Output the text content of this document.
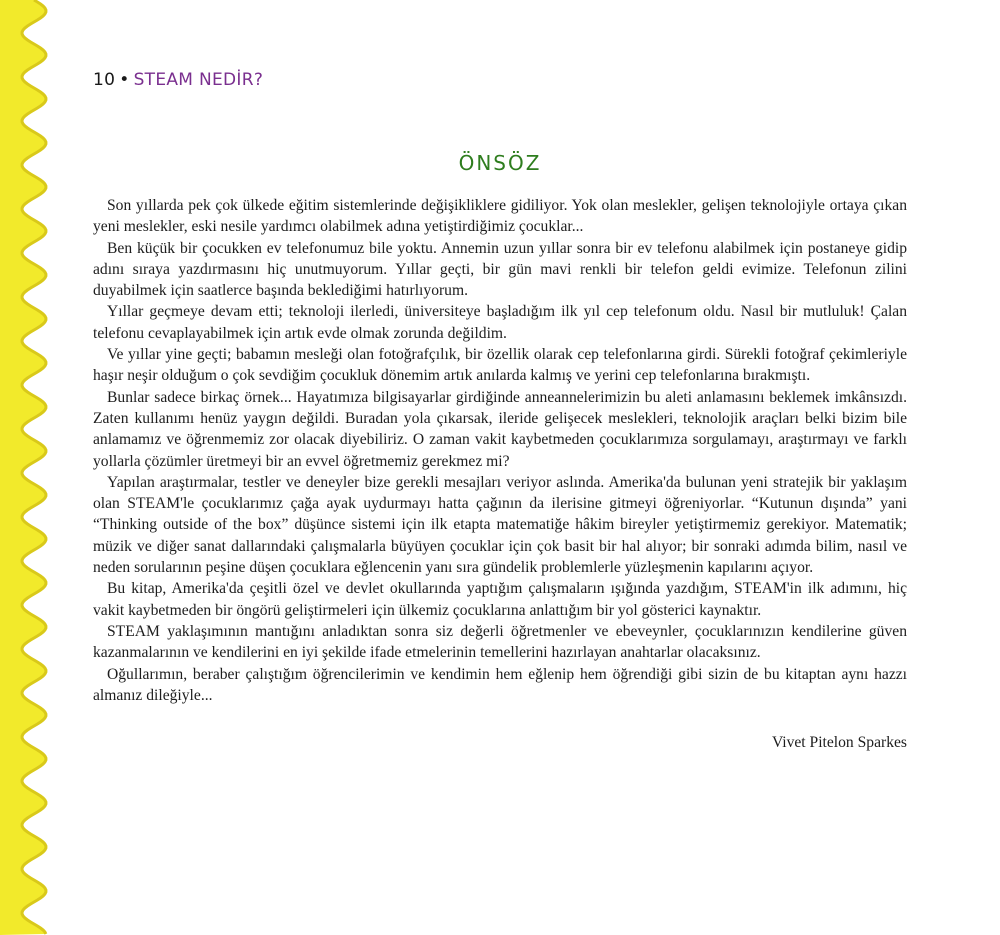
10 • STEAM NEDİR?
ÖNSÖZ

Son yıllarda pek çok ülkede eğitim sistemlerinde değişikliklere gidiliyor. Yok olan meslekler, gelişen teknolojiyle ortaya çıkan yeni meslekler, eski nesile yardımcı olabilmek adına yetiştirdiğimiz çocuklar...

Ben küçük bir çocukken ev telefonumuz bile yoktu. Annemin uzun yıllar sonra bir ev telefonu alabilmek için postaneye gidip adını sıraya yazdırmasını hiç unutmuyorum. Yıllar geçti, bir gün mavi renkli bir telefon geldi evimize. Telefonun zilini duyabilmek için saatlerce başında beklediğimi hatırlıyorum.

Yıllar geçmeye devam etti; teknoloji ilerledi, üniversiteye başladığım ilk yıl cep telefonum oldu. Nasıl bir mutluluk! Çalan telefonu cevaplayabilmek için artık evde olmak zorunda değildim.

Ve yıllar yine geçti; babamın mesleği olan fotoğrafçılık, bir özellik olarak cep telefonlarına girdi. Sürekli fotoğraf çekimleriyle haşır neşir olduğum o çok sevdiğim çocukluk dönemim artık anılarda kalmış ve yerini cep telefonlarına bırakmıştı.

Bunlar sadece birkaç örnek... Hayatımıza bilgisayarlar girdiğinde anneannelerimizin bu aleti anlamasını beklemek imkânsızdı. Zaten kullanımı henüz yaygın değildi. Buradan yola çıkarsak, ileride gelişecek meslekleri, teknolojik araçları belki bizim bile anlamamız ve öğrenmemiz zor olacak diyebiliriz. O zaman vakit kaybetmeden çocuklarımıza sorgulamayı, araştırmayı ve farklı yollarla çözümler üretmeyi bir an evvel öğretmemiz gerekmez mi?

Yapılan araştırmalar, testler ve deneyler bize gerekli mesajları veriyor aslında. Amerika'da bulunan yeni stratejik bir yaklaşım olan STEAM'le çocuklarımız çağa ayak uydurmayı hatta çağının da ilerisine gitmeyi öğreniyorlar. “Kutunun dışında” yani “Thinking outside of the box” düşünce sistemi için ilk etapta matematiğe hâkim bireyler yetiştirmemiz gerekiyor. Matematik; müzik ve diğer sanat dallarındaki çalışmalarla büyüyen çocuklar için çok basit bir hal alıyor; bir sonraki adımda bilim, nasıl ve neden sorularının peşine düşen çocuklara eğlencenin yanı sıra gündelik problemlerle yüzleşmenin kapılarını açıyor.

Bu kitap, Amerika'da çeşitli özel ve devlet okullarında yaptığım çalışmaların ışığında yazdığım, STEAM'in ilk adımını, hiç vakit kaybetmeden bir öngörü geliştirmeleri için ülkemiz çocuklarına anlattığım bir yol gösterici kaynaktır.

STEAM yaklaşımının mantığını anladıktan sonra siz değerli öğretmenler ve ebeveynler, çocuklarınızın kendilerine güven kazanmalarının ve kendilerini en iyi şekilde ifade etmelerinin temellerini hazırlayan anahtarlar olacaksınız.

Oğullarımın, beraber çalıştığım öğrencilerimin ve kendimin hem eğlenip hem öğrendiği gibi sizin de bu kitaptan aynı hazzı almanız dileğiyle...

Vivet Pitelon Sparkes
